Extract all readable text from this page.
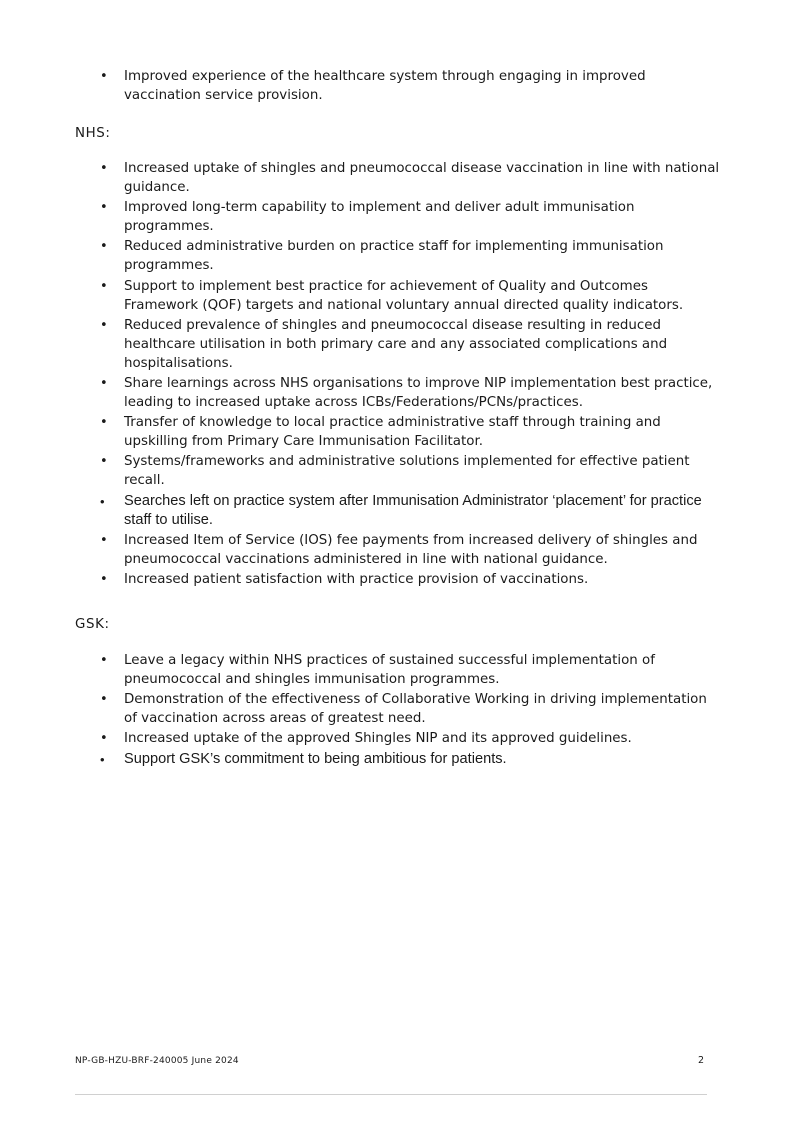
•	Improved experience of the healthcare system through engaging in improved vaccination service provision.
NHS:
•	Increased uptake of shingles and pneumococcal disease vaccination in line with national guidance.
•	Improved long-term capability to implement and deliver adult immunisation programmes.
•	Reduced administrative burden on practice staff for implementing immunisation programmes.
•	Support to implement best practice for achievement of Quality and Outcomes Framework (QOF) targets and national voluntary annual directed quality indicators.
•	Reduced prevalence of shingles and pneumococcal disease resulting in reduced healthcare utilisation in both primary care and any associated complications and hospitalisations.
•	Share learnings across NHS organisations to improve NIP implementation best practice, leading to increased uptake across ICBs/Federations/PCNs/practices.
•	Transfer of knowledge to local practice administrative staff through training and upskilling from Primary Care Immunisation Facilitator.
•	Systems/frameworks and administrative solutions implemented for effective patient recall.
•	Searches left on practice system after Immunisation Administrator ‘placement’ for practice staff to utilise.
•	Increased Item of Service (IOS) fee payments from increased delivery of shingles and pneumococcal vaccinations administered in line with national guidance.
•	Increased patient satisfaction with practice provision of vaccinations.
GSK:
•	Leave a legacy within NHS practices of sustained successful implementation of pneumococcal and shingles immunisation programmes.
•	Demonstration of the effectiveness of Collaborative Working in driving implementation of vaccination across areas of greatest need.
•	Increased uptake of the approved Shingles NIP and its approved guidelines.
•	Support GSK’s commitment to being ambitious for patients.
NP-GB-HZU-BRF-240005 June 2024	2
